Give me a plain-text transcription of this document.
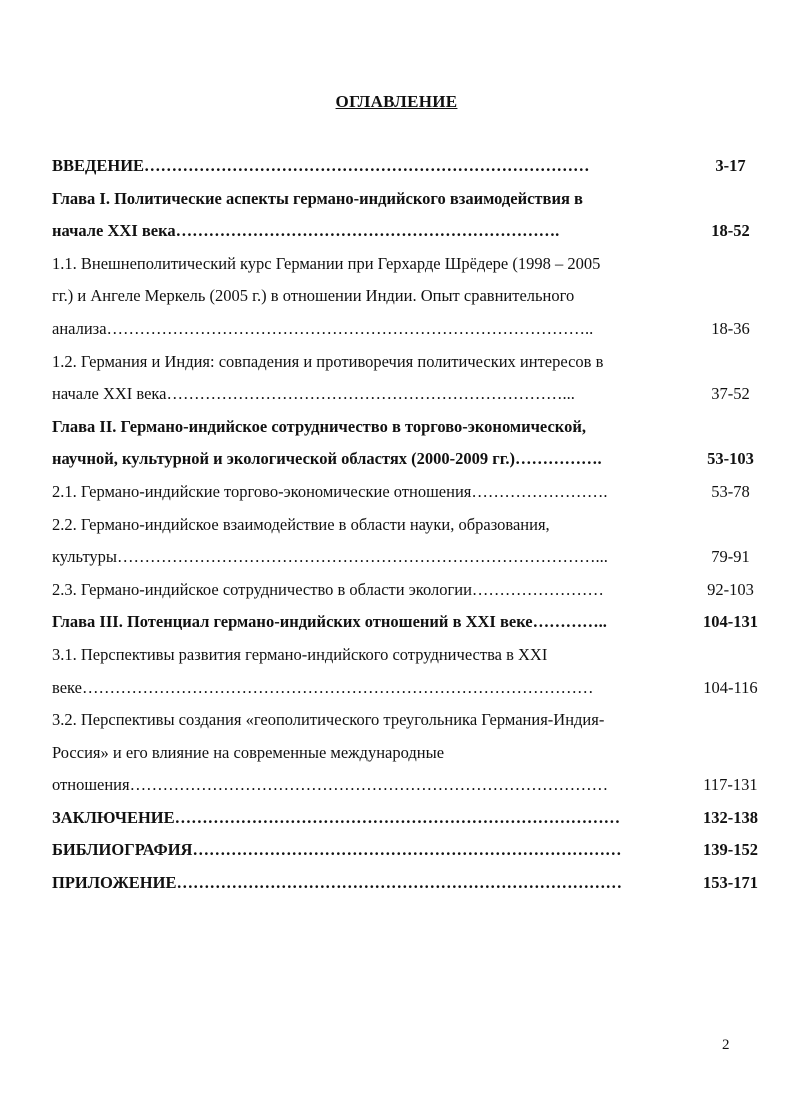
ОГЛАВЛЕНИЕ
ВВЕДЕНИЕ………………………………………………………………………	3-17
Глава I. Политические аспекты германо-индийского взаимодействия в
начале XXI века…………………………………………………………….	18-52
1.1. Внешнеполитический курс Германии при Герхарде Шрёдере (1998 – 2005
гг.) и Ангеле Меркель (2005 г.) в отношении Индии. Опыт сравнительного
анализа……………………………………………………………………………..	18-36
1.2. Германия и Индия: совпадения и противоречия политических интересов в
начале XXI века………………………………………………………………...	37-52
Глава II. Германо-индийское сотрудничество в торгово-экономической,
научной, культурной и экологической областях (2000-2009 гг.)…………….	53-103
2.1. Германо-индийские торгово-экономические отношения…………………….	53-78
2.2. Германо-индийское взаимодействие в области науки, образования,
культуры……………………………………………………………………………...	79-91
2.3. Германо-индийское сотрудничество в области экологии……………………	92-103
Глава III. Потенциал германо-индийских отношений в XXI веке…………..	104-131
3.1. Перспективы развития германо-индийского сотрудничества в XXI
веке…………………………………………………………………………………	104-116
3.2. Перспективы создания «геополитического треугольника Германия-Индия-
Россия» и его влияние на современные международные
отношения……………………………………………………………………………	117-131
ЗАКЛЮЧЕНИЕ………………………………………………………………………	132-138
БИБЛИОГРАФИЯ……………………………………………………………………	139-152
ПРИЛОЖЕНИЕ………………………………………………………………………	153-171
2
